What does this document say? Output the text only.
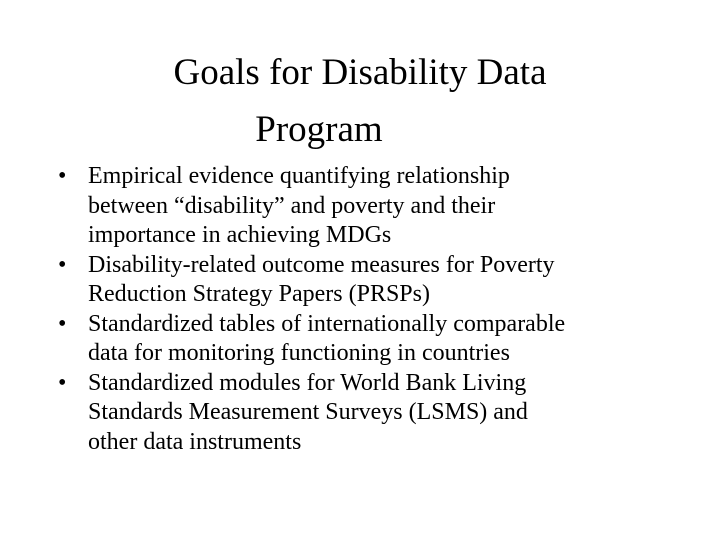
Goals for Disability Data
Program
• Empirical evidence quantifying relationship
between “disability” and poverty and their
importance in achieving MDGs
• Disability-related outcome measures for Poverty
Reduction Strategy Papers (PRSPs)
• Standardized tables of internationally comparable
data for monitoring functioning in countries
• Standardized modules for World Bank Living
Standards Measurement Surveys (LSMS) and
other data instruments
